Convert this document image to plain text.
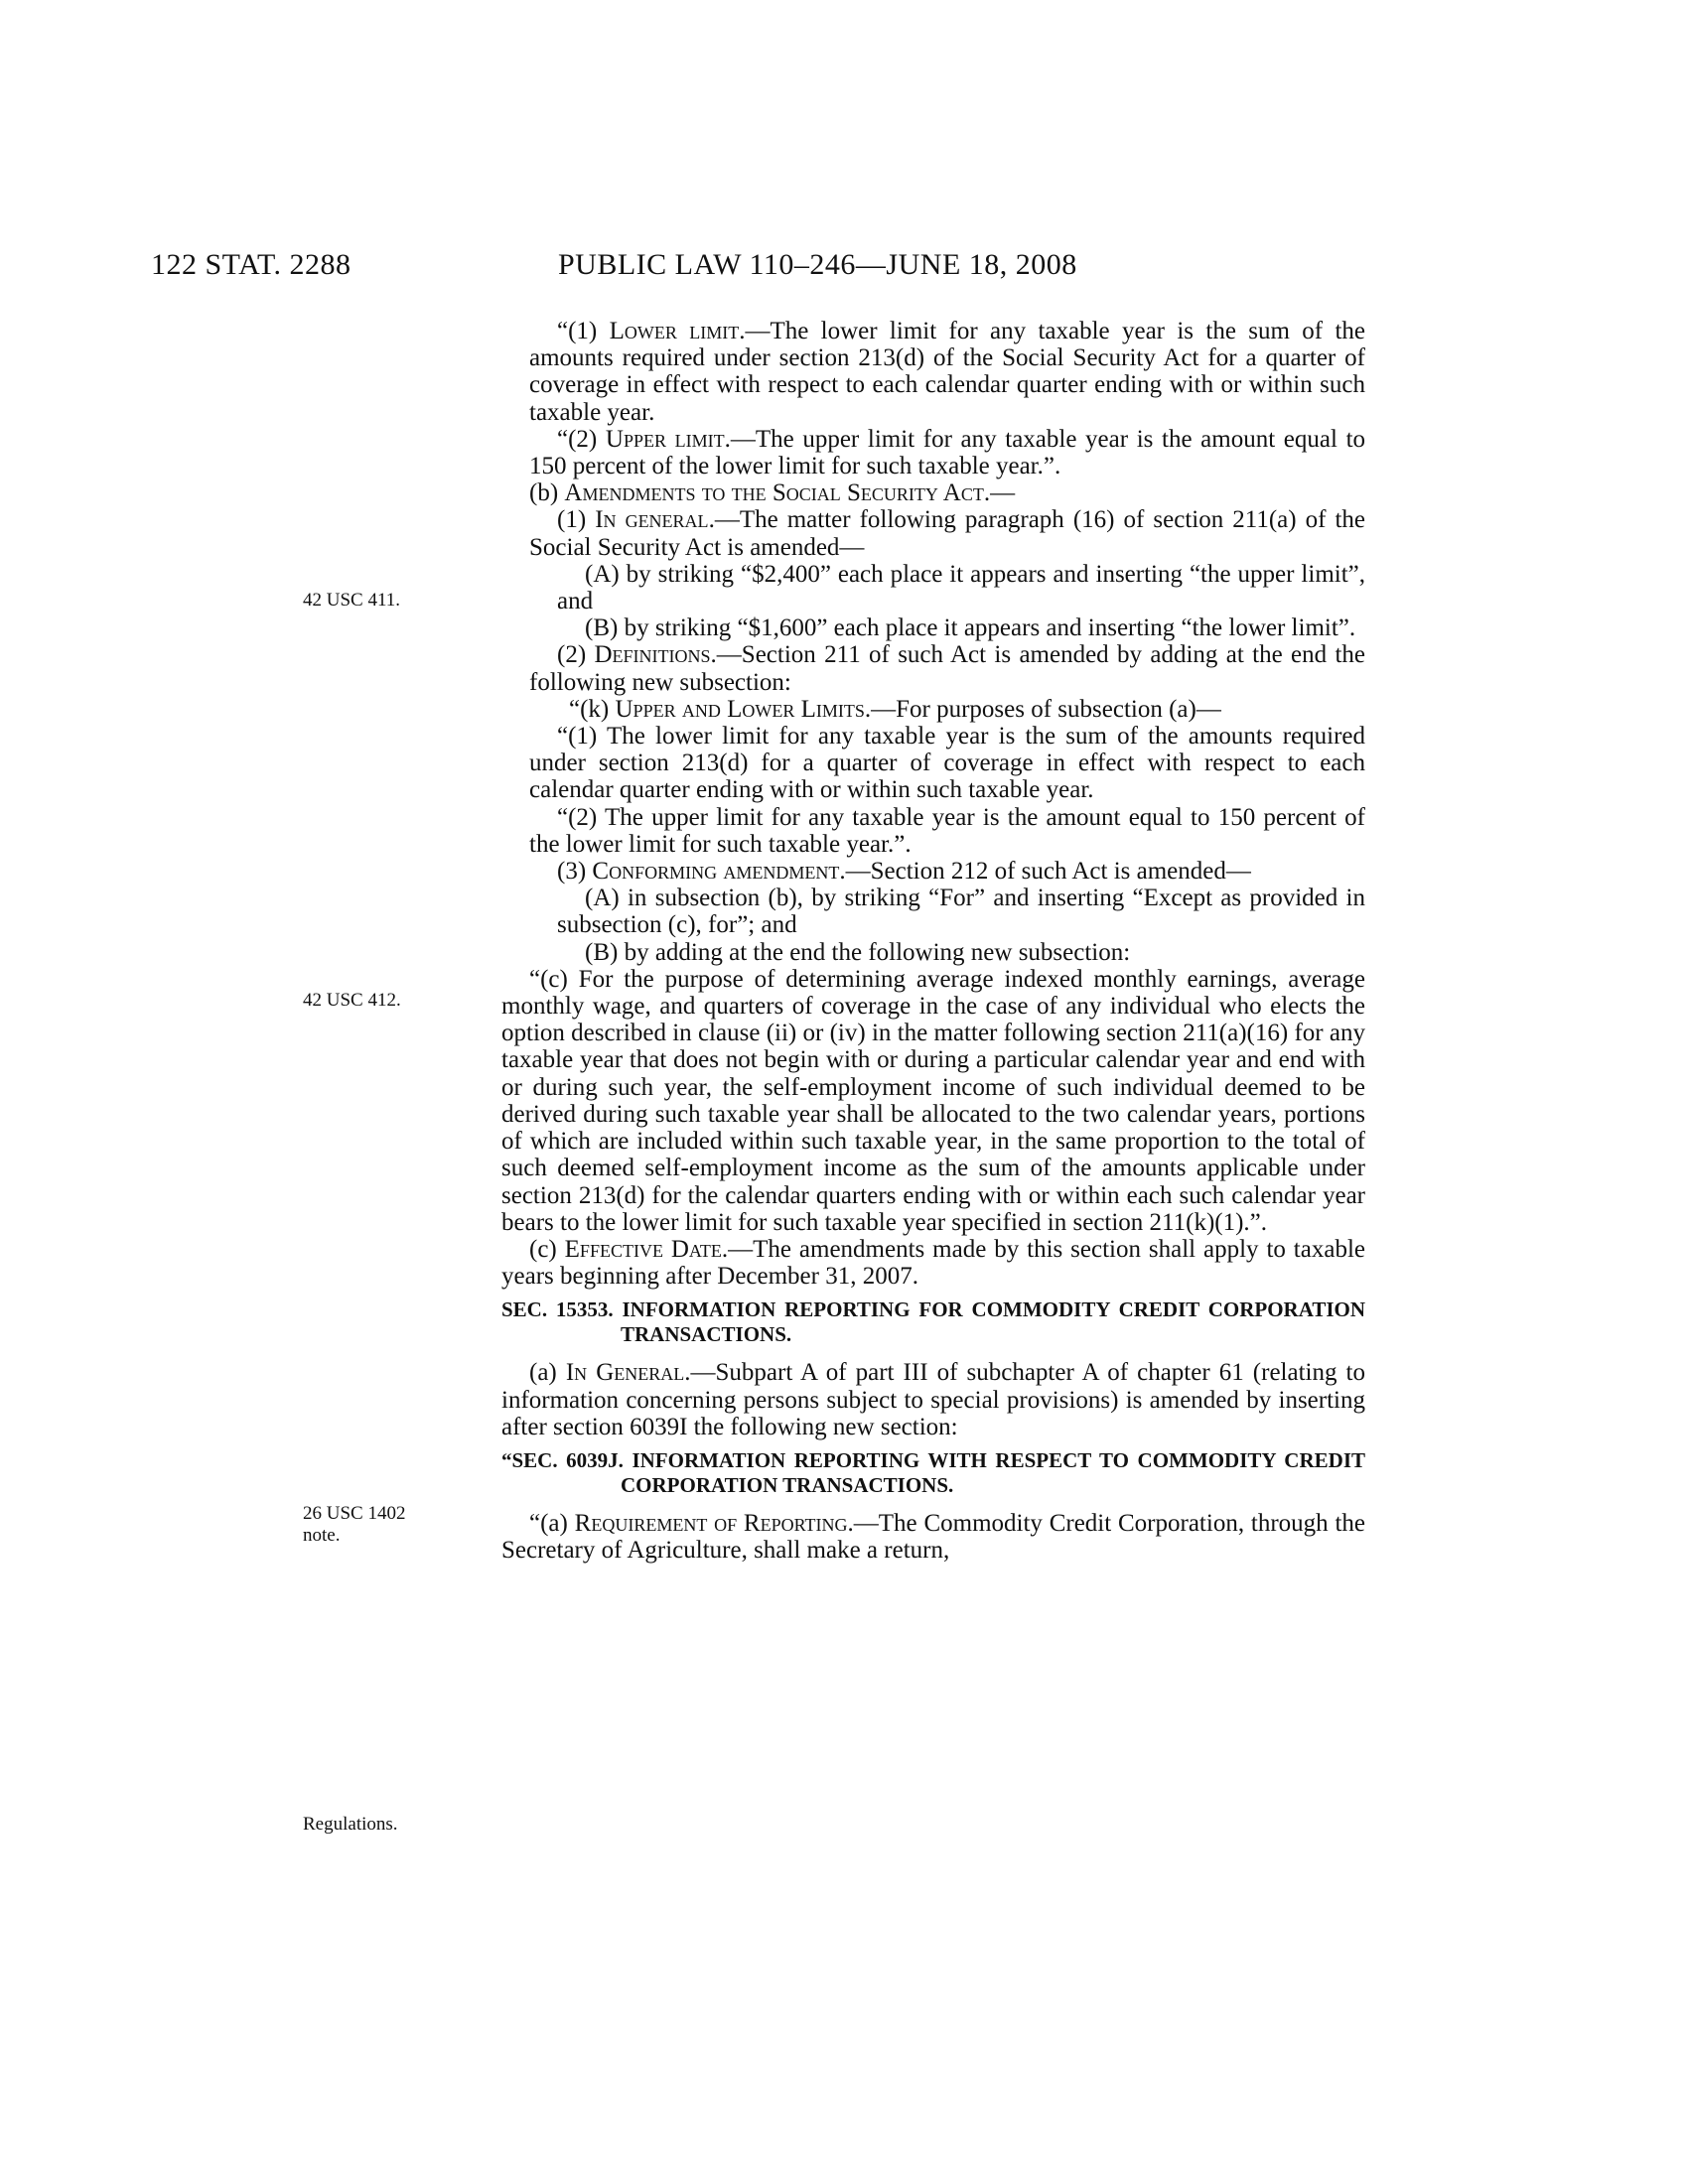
122 STAT. 2288	PUBLIC LAW 110–246—JUNE 18, 2008
42 USC 411.
42 USC 412.
26 USC 1402
note.
Regulations.

“(1) Lower limit.—The lower limit for any taxable year is the sum of the amounts required under section 213(d) of the Social Security Act for a quarter of coverage in effect with respect to each calendar quarter ending with or within such taxable year.

“(2) Upper limit.—The upper limit for any taxable year is the amount equal to 150 percent of the lower limit for such taxable year.”.

(b) Amendments to the Social Security Act.—

(1) In general.—The matter following paragraph (16) of section 211(a) of the Social Security Act is amended—

(A) by striking “$2,400” each place it appears and inserting “the upper limit”, and

(B) by striking “$1,600” each place it appears and inserting “the lower limit”.

(2) Definitions.—Section 211 of such Act is amended by adding at the end the following new subsection:

“(k) Upper and Lower Limits.—For purposes of subsection (a)—

“(1) The lower limit for any taxable year is the sum of the amounts required under section 213(d) for a quarter of coverage in effect with respect to each calendar quarter ending with or within such taxable year.

“(2) The upper limit for any taxable year is the amount equal to 150 percent of the lower limit for such taxable year.”.

(3) Conforming amendment.—Section 212 of such Act is amended—

(A) in subsection (b), by striking “For” and inserting “Except as provided in subsection (c), for”; and

(B) by adding at the end the following new subsection:

“(c) For the purpose of determining average indexed monthly earnings, average monthly wage, and quarters of coverage in the case of any individual who elects the option described in clause (ii) or (iv) in the matter following section 211(a)(16) for any taxable year that does not begin with or during a particular calendar year and end with or during such year, the self-employment income of such individual deemed to be derived during such taxable year shall be allocated to the two calendar years, portions of which are included within such taxable year, in the same proportion to the total of such deemed self-employment income as the sum of the amounts applicable under section 213(d) for the calendar quarters ending with or within each such calendar year bears to the lower limit for such taxable year specified in section 211(k)(1).”.

(c) Effective Date.—The amendments made by this section shall apply to taxable years beginning after December 31, 2007.

SEC. 15353. INFORMATION REPORTING FOR COMMODITY CREDIT CORPORATION TRANSACTIONS.

(a) In General.—Subpart A of part III of subchapter A of chapter 61 (relating to information concerning persons subject to special provisions) is amended by inserting after section 6039I the following new section:

“SEC. 6039J. INFORMATION REPORTING WITH RESPECT TO COMMODITY CREDIT CORPORATION TRANSACTIONS.

“(a) Requirement of Reporting.—The Commodity Credit Corporation, through the Secretary of Agriculture, shall make a return,
